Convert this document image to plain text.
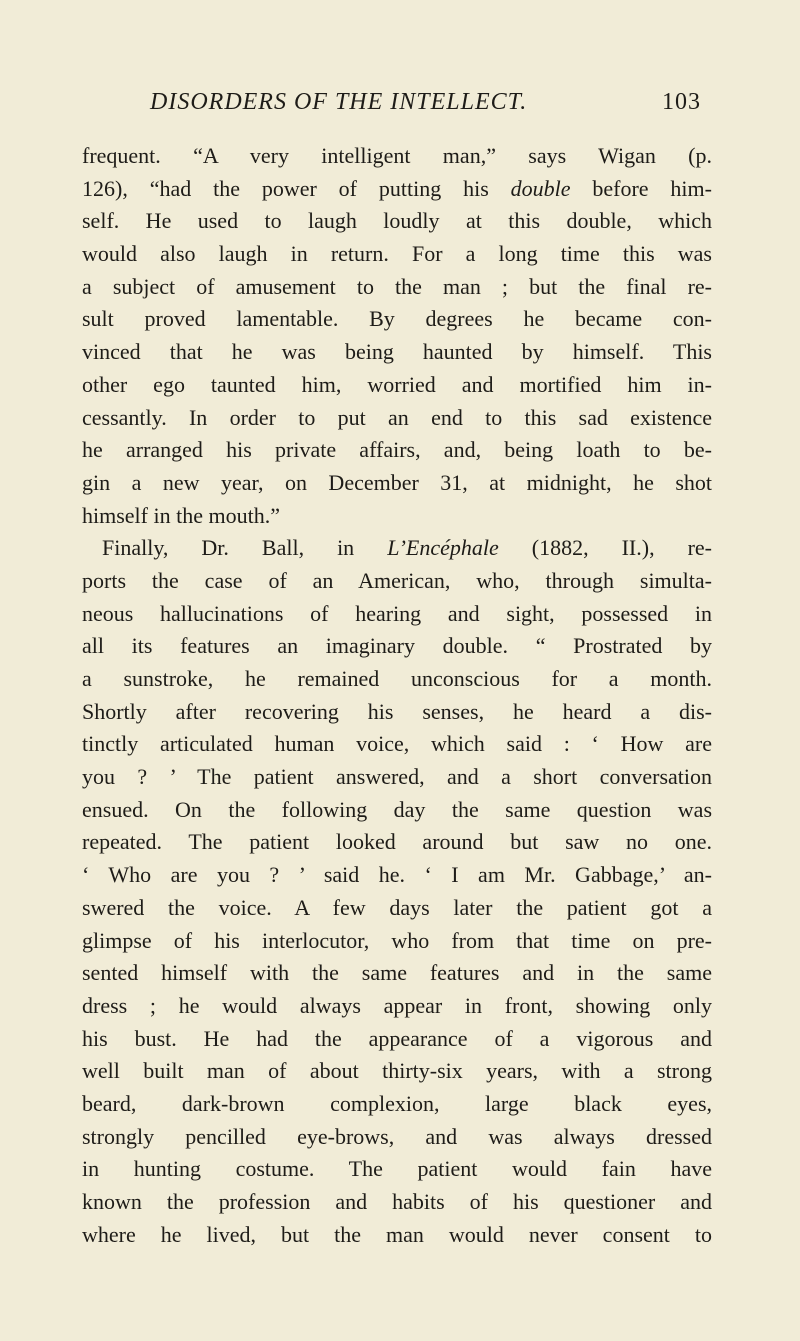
DISORDERS OF THE INTELLECT.	103
frequent. “A very intelligent man,” says Wigan (p.
126), “had the power of putting his double before him-
self. He used to laugh loudly at this double, which
would also laugh in return. For a long time this was
a subject of amusement to the man ; but the final re-
sult proved lamentable. By degrees he became con-
vinced that he was being haunted by himself. This
other ego taunted him, worried and mortified him in-
cessantly. In order to put an end to this sad existence
he arranged his private affairs, and, being loath to be-
gin a new year, on December 31, at midnight, he shot
himself in the mouth.”
Finally, Dr. Ball, in L’Encéphale (1882, II.), re-
ports the case of an American, who, through simulta-
neous hallucinations of hearing and sight, possessed in
all its features an imaginary double. “ Prostrated by
a sunstroke, he remained unconscious for a month.
Shortly after recovering his senses, he heard a dis-
tinctly articulated human voice, which said : ‘ How are
you ? ’ The patient answered, and a short conversation
ensued. On the following day the same question was
repeated. The patient looked around but saw no one.
‘ Who are you ? ’ said he. ‘ I am Mr. Gabbage,’ an-
swered the voice. A few days later the patient got a
glimpse of his interlocutor, who from that time on pre-
sented himself with the same features and in the same
dress ; he would always appear in front, showing only
his bust. He had the appearance of a vigorous and
well built man of about thirty-six years, with a strong
beard, dark-brown complexion, large black eyes,
strongly pencilled eye-brows, and was always dressed
in hunting costume. The patient would fain have
known the profession and habits of his questioner and
where he lived, but the man would never consent to
